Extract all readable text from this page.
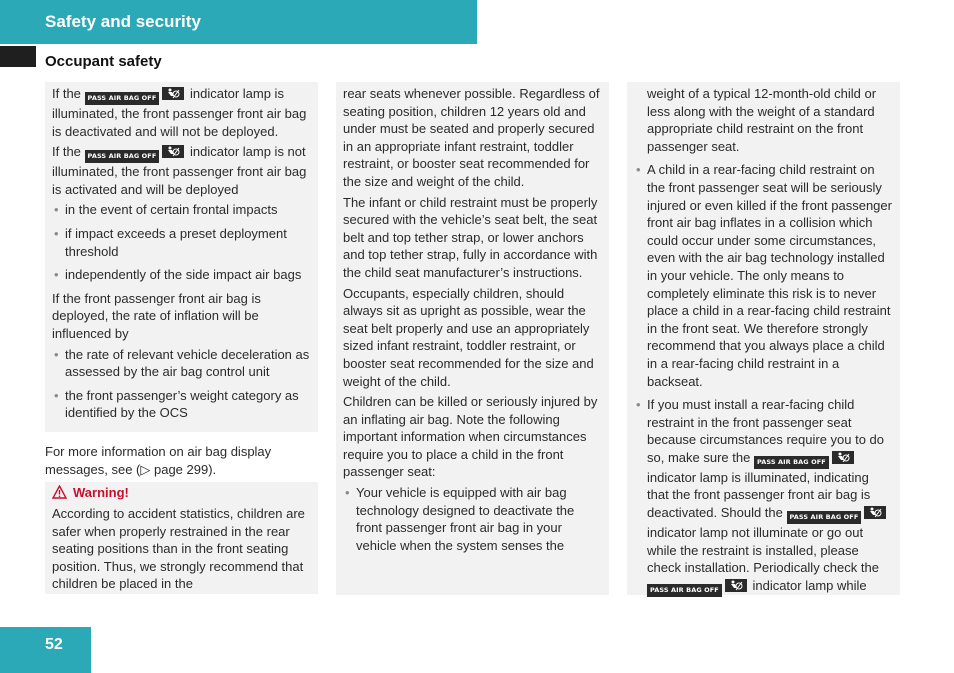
Safety and security
Occupant safety

If the PASS AIR BAG OFF	indicator lamp is illuminated, the front passenger front air bag is deactivated and will not be deployed.

If the PASS AIR BAG OFF	indicator lamp is not illuminated, the front passenger front air bag is activated and will be deployed

• in the event of certain frontal impacts
• if impact exceeds a preset deployment threshold
• independently of the side impact air bags

If the front passenger front air bag is deployed, the rate of inflation will be influenced by

• the rate of relevant vehicle deceleration as assessed by the air bag control unit
• the front passenger’s weight category as identified by the OCS

For more information on air bag display messages, see (▷ page 299).

Warning!

According to accident statistics, children are safer when properly restrained in the rear seating positions than in the front seating position. Thus, we strongly recommend that children be placed in the

rear seats whenever possible. Regardless of seating position, children 12 years old and under must be seated and properly secured in an appropriate infant restraint, toddler restraint, or booster seat recommended for the size and weight of the child.

The infant or child restraint must be properly secured with the vehicle’s seat belt, the seat belt and top tether strap, or lower anchors and top tether strap, fully in accordance with the child seat manufacturer’s instructions.

Occupants, especially children, should always sit as upright as possible, wear the seat belt properly and use an appropriately sized infant restraint, toddler restraint, or booster seat recommended for the size and weight of the child.

Children can be killed or seriously injured by an inflating air bag. Note the following important information when circumstances require you to place a child in the front passenger seat:

• Your vehicle is equipped with air bag technology designed to deactivate the front passenger front air bag in your vehicle when the system senses the

weight of a typical 12-month-old child or less along with the weight of a standard appropriate child restraint on the front passenger seat.

• A child in a rear-facing child restraint on the front passenger seat will be seriously injured or even killed if the front passenger front air bag inflates in a collision which could occur under some circumstances, even with the air bag technology installed in your vehicle. The only means to completely eliminate this risk is to never place a child in a rear-facing child restraint in the front seat. We therefore strongly recommend that you always place a child in a rear-facing child restraint in a backseat.
• If you must install a rear-facing child restraint in the front passenger seat because circumstances require you to do so, make sure the PASS AIR BAG OFF
indicator lamp is illuminated, indicating that the front passenger front air bag is deactivated. Should the PASS AIR BAG OFF
indicator lamp not illuminate or go out while the restraint is installed, please check installation. Periodically check the PASS AIR BAG OFF	indicator lamp while
52
